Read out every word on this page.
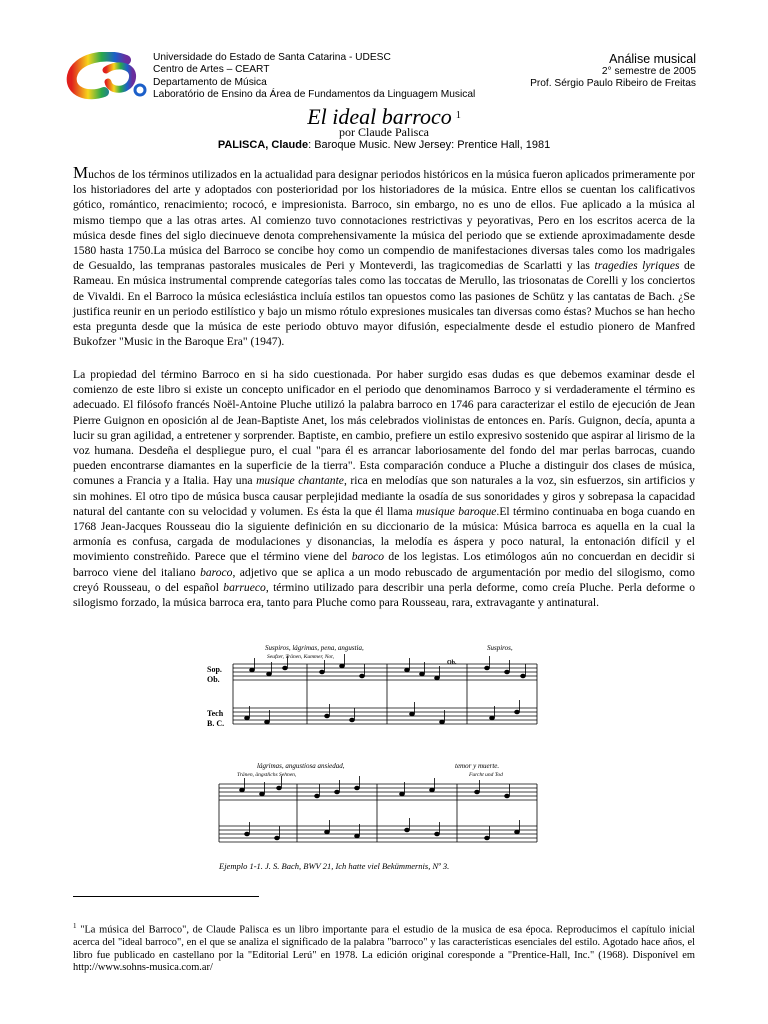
Universidade do Estado de Santa Catarina - UDESC
Centro de Artes – CEART
Departamento de Música
Laboratório de Ensino da Área de Fundamentos da Linguagem Musical
Análise musical
2° semestre de 2005
Prof. Sérgio Paulo Ribeiro de Freitas
El ideal barroco $^1$
por Claude Palisca
PALISCA, Claude: Baroque Music. New Jersey: Prentice Hall, 1981
Muchos de los términos utilizados en la actualidad para designar periodos históricos en la música fueron aplicados primeramente por los historiadores del arte y adoptados con posterioridad por los historiadores de la música. Entre ellos se cuentan los calificativos gótico, romántico, renacimiento; rococó, e impresionista. Barroco, sin embargo, no es uno de ellos. Fue aplicado a la música al mismo tiempo que a las otras artes. Al comienzo tuvo connotaciones restrictivas y peyorativas, Pero en los escritos acerca de la música desde fines del siglo diecinueve denota comprehensivamente la música del periodo que se extiende aproximadamente desde 1580 hasta 1750.La música del Barroco se concibe hoy como un compendio de manifestaciones diversas tales como los madrigales de Gesualdo, las tempranas pastorales musicales de Peri y Monteverdi, las tragicomedias de Scarlatti y las tragedies lyriques de Rameau. En música instrumental comprende categorías tales como las toccatas de Merullo, las triosonatas de Corelli y los conciertos de Vivaldi. En el Barroco la música eclesiástica incluía estilos tan opuestos como las pasiones de Schütz y las cantatas de Bach. ¿Se justifica reunir en un periodo estilístico y bajo un mismo rótulo expresiones musicales tan diversas como éstas? Muchos se han hecho esta pregunta desde que la música de este periodo obtuvo mayor difusión, especialmente desde el estudio pionero de Manfred Bukofzer "Music in the Baroque Era" (1947).
La propiedad del término Barroco en si ha sido cuestionada. Por haber surgido esas dudas es que debemos examinar desde el comienzo de este libro si existe un concepto unificador en el periodo que denominamos Barroco y si verdaderamente el término es adecuado. El filósofo francés Noël-Antoine Pluche utilizó la palabra barroco en 1746 para caracterizar el estilo de ejecución de Jean Pierre Guignon en oposición al de Jean-Baptiste Anet, los más celebrados violinistas de entonces en. París. Guignon, decía, apunta a lucir su gran agilidad, a entretener y sorprender. Baptiste, en cambio, prefiere un estilo expresivo sostenido que aspirar al lirismo de la voz humana. Desdeña el despliegue puro, el cual "para él es arrancar laboriosamente del fondo del mar perlas barrocas, cuando pueden encontrarse diamantes en la superficie de la tierra". Esta comparación conduce a Pluche a distinguir dos clases de música, comunes a Francia y a Italia. Hay una musique chantante, rica en melodías que son naturales a la voz, sin esfuerzos, sin artificios y sin mohines. El otro tipo de música busca causar perplejidad mediante la osadía de sus sonoridades y giros y sobrepasa la capacidad natural del cantante con su velocidad y volumen. Es ésta la que él llama musique baroque.El término continuaba en boga cuando en 1768 Jean-Jacques Rousseau dio la siguiente definición en su diccionario de la música: Música barroca es aquella en la cual la armonía es confusa, cargada de modulaciones y disonancias, la melodía es áspera y poco natural, la entonación difícil y el movimiento constreñido. Parece que el término viene del baroco de los legistas. Los etimólogos aún no concuerdan en decidir si barroco viene del italiano baroco, adjetivo que se aplica a un modo rebuscado de argumentación por medio del silogismo, como creyó Rousseau, o del español barrueco, término utilizado para describir una perla deforme, como creía Pluche. Perla deforme o silogismo forzado, la música barroca era, tanto para Pluche como para Rousseau, rara, extravagante y antinatural.
Suspiros, lágrimas, pena, angustia,	Suspiros,
Seufzer, Tränen, Kummer, Not,
lágrimas, angustiosa ansiedad,
Tränen, ängstlichs Sehnen,
temor y muerte.
Furcht und Tod
Sop.
Ob.
Ob.
Tech
B. C.
Ejemplo 1-1. J. S. Bach, BWV 21, Ich hatte viel Bekümmernis, Nº 3.
$^1$ "La música del Barroco", de Claude Palisca es un libro importante para el estudio de la musica de esa época. Reproducimos el capítulo inicial acerca del "ideal barroco", en el que se analiza el significado de la palabra "barroco" y las características esenciales del estilo. Agotado hace años, el libro fue publicado en castellano por la "Editorial Lerú" en 1978. La edición original coresponde a "Prentice-Hall, Inc." (1968). Disponível em http://www.sohns-musica.com.ar/
